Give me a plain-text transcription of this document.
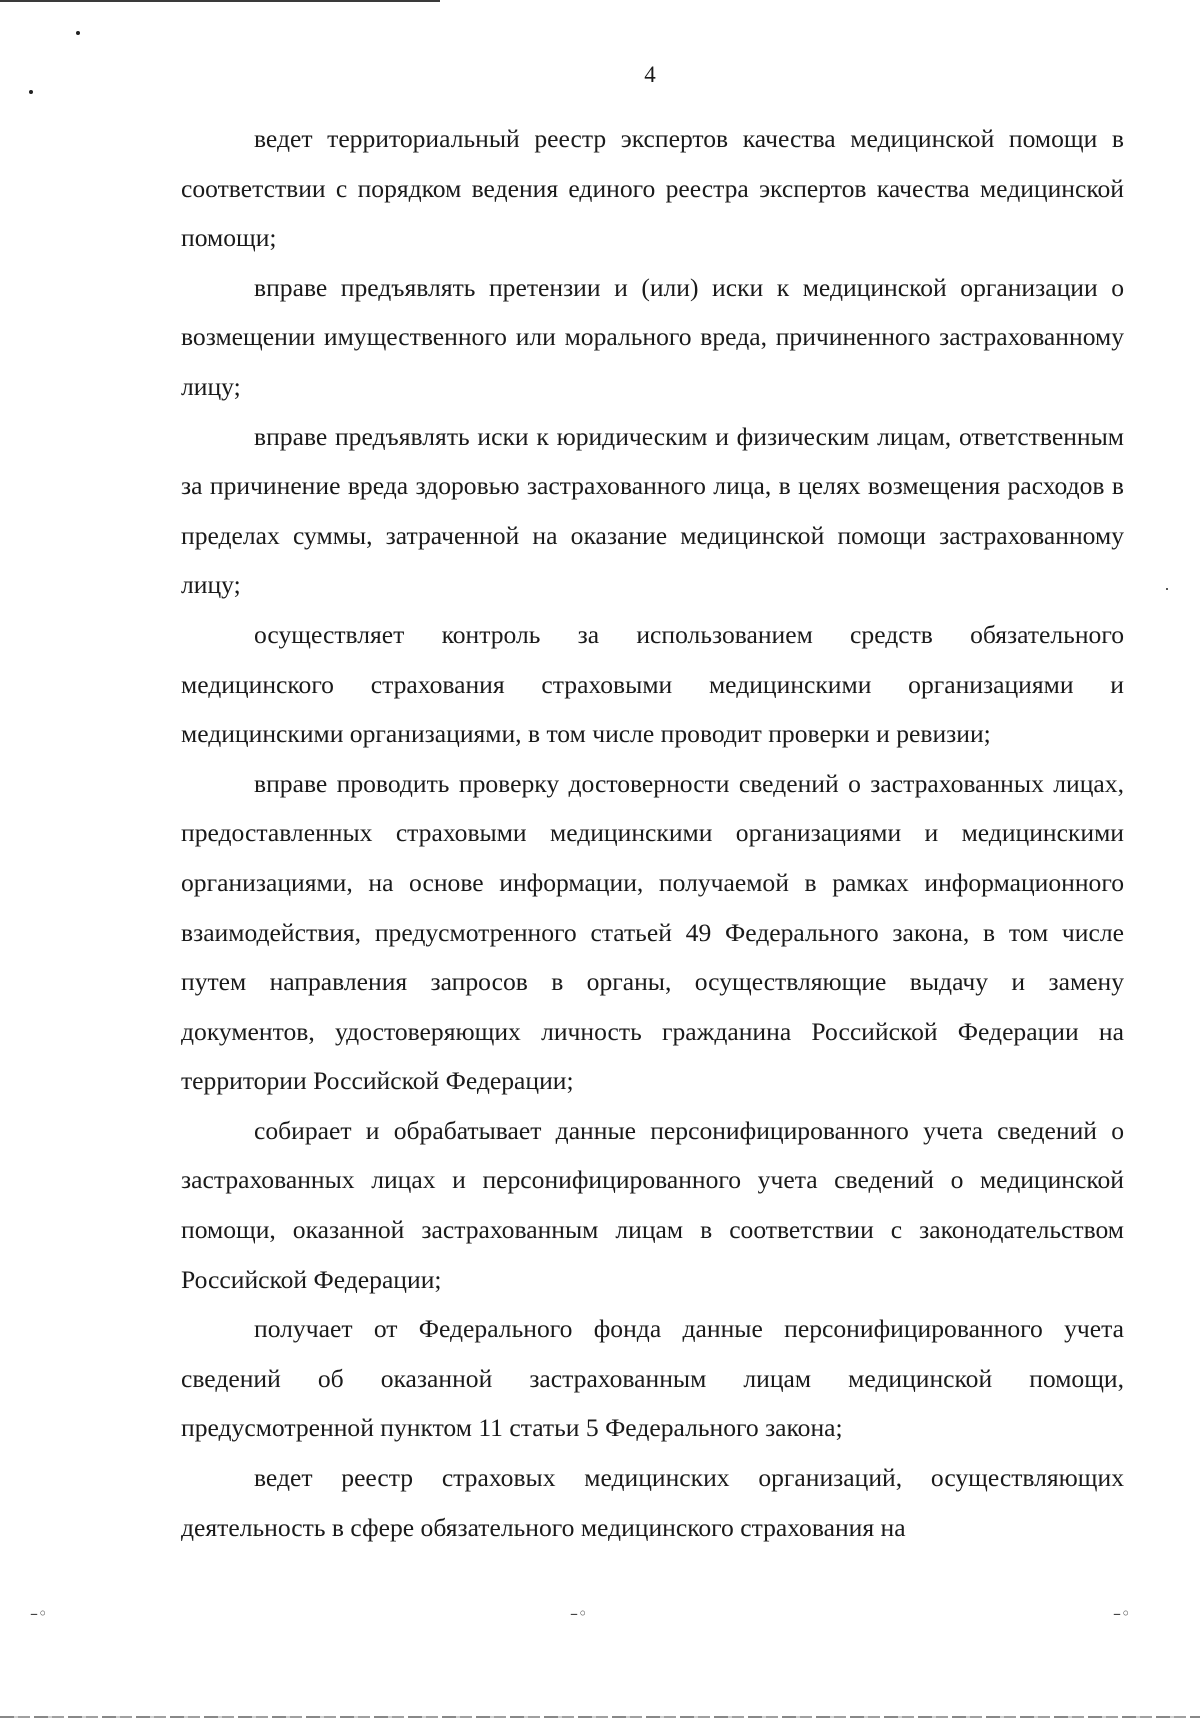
4

ведет территориальный реестр экспертов качества медицинской помощи в соответствии с порядком ведения единого реестра экспертов качества медицинской помощи;

вправе предъявлять претензии и (или) иски к медицинской организации о возмещении имущественного или морального вреда, причиненного застрахованному лицу;

вправе предъявлять иски к юридическим и физическим лицам, ответственным за причинение вреда здоровью застрахованного лица, в целях возмещения расходов в пределах суммы, затраченной на оказание медицинской помощи застрахованному лицу;

осуществляет контроль за использованием средств обязательного медицинского страхования страховыми медицинскими организациями и медицинскими организациями, в том числе проводит проверки и ревизии;

вправе проводить проверку достоверности сведений о застрахованных лицах, предоставленных страховыми медицинскими организациями и медицинскими организациями, на основе информации, получаемой в рамках информационного взаимодействия, предусмотренного статьей 49 Федерального закона, в том числе путем направления запросов в органы, осуществляющие выдачу и замену документов, удостоверяющих личность гражданина Российской Федерации на территории Российской Федерации;

собирает и обрабатывает данные персонифицированного учета сведений о застрахованных лицах и персонифицированного учета сведений о медицинской помощи, оказанной застрахованным лицам в соответствии с законодательством Российской Федерации;

получает от Федерального фонда данные персонифицированного учета сведений об оказанной застрахованным лицам медицинской помощи, предусмотренной пунктом 11 статьи 5 Федерального закона;

ведет реестр страховых медицинских организаций, осуществляющих деятельность в сфере обязательного медицинского страхования на

–◦	–◦	–◦
